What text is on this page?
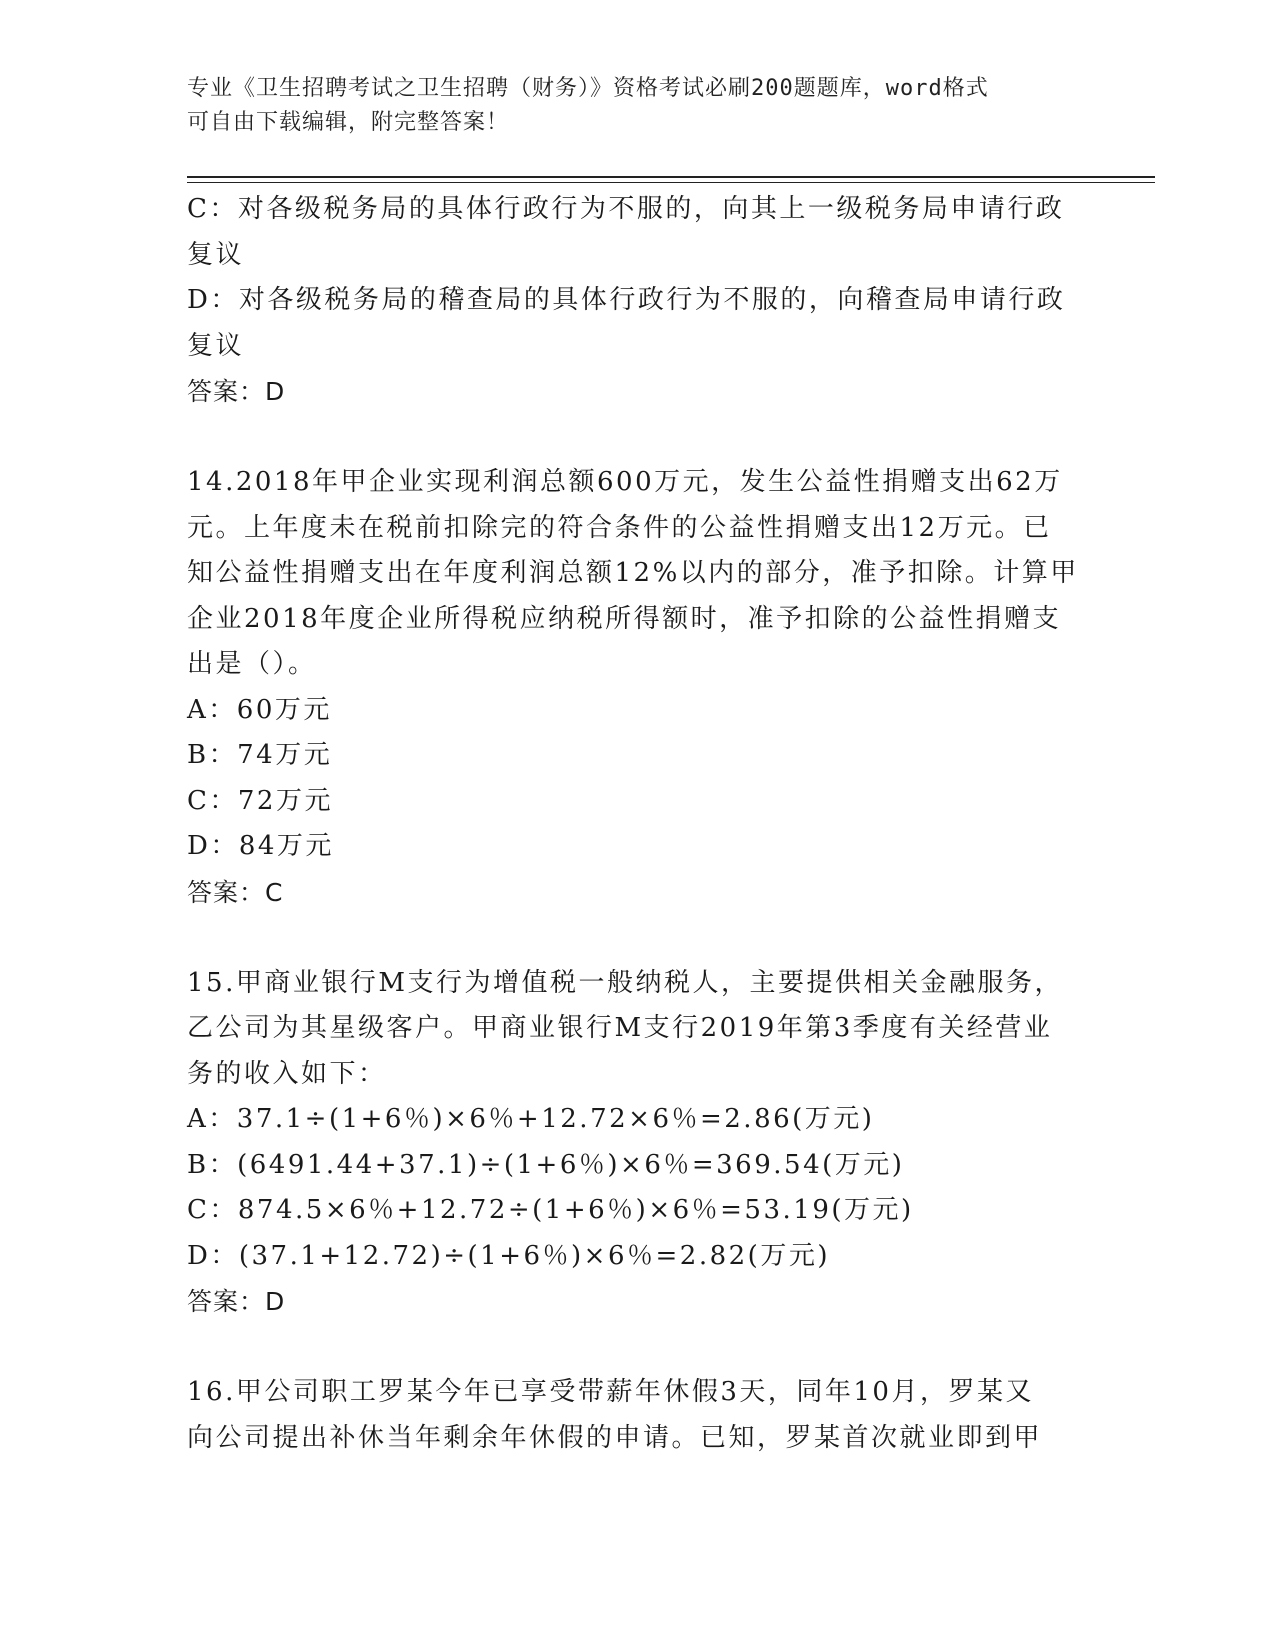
专业《卫生招聘考试之卫生招聘（财务）》资格考试必刷200题题库，word格式
可自由下载编辑，附完整答案！
C：对各级税务局的具体行政行为不服的，向其上一级税务局申请行政
复议
D：对各级税务局的稽查局的具体行政行为不服的，向稽查局申请行政
复议
答案：D
14.2018年甲企业实现利润总额600万元，发生公益性捐赠支出62万
元。上年度未在税前扣除完的符合条件的公益性捐赠支出12万元。已
知公益性捐赠支出在年度利润总额12%以内的部分，准予扣除。计算甲
企业2018年度企业所得税应纳税所得额时，准予扣除的公益性捐赠支
出是（）。
A：60万元
B：74万元
C：72万元
D：84万元
答案：C
15.甲商业银行M支行为增值税一般纳税人，主要提供相关金融服务，
乙公司为其星级客户。甲商业银行M支行2019年第3季度有关经营业
务的收入如下：
A：37.1÷(1+6％)×6％+12.72×6％=2.86(万元)
B：(6491.44+37.1)÷(1+6％)×6％=369.54(万元)
C：874.5×6％+12.72÷(1+6％)×6％=53.19(万元)
D：(37.1+12.72)÷(1+6％)×6％=2.82(万元)
答案：D
16.甲公司职工罗某今年已享受带薪年休假3天，同年10月，罗某又
向公司提出补休当年剩余年休假的申请。已知，罗某首次就业即到甲
